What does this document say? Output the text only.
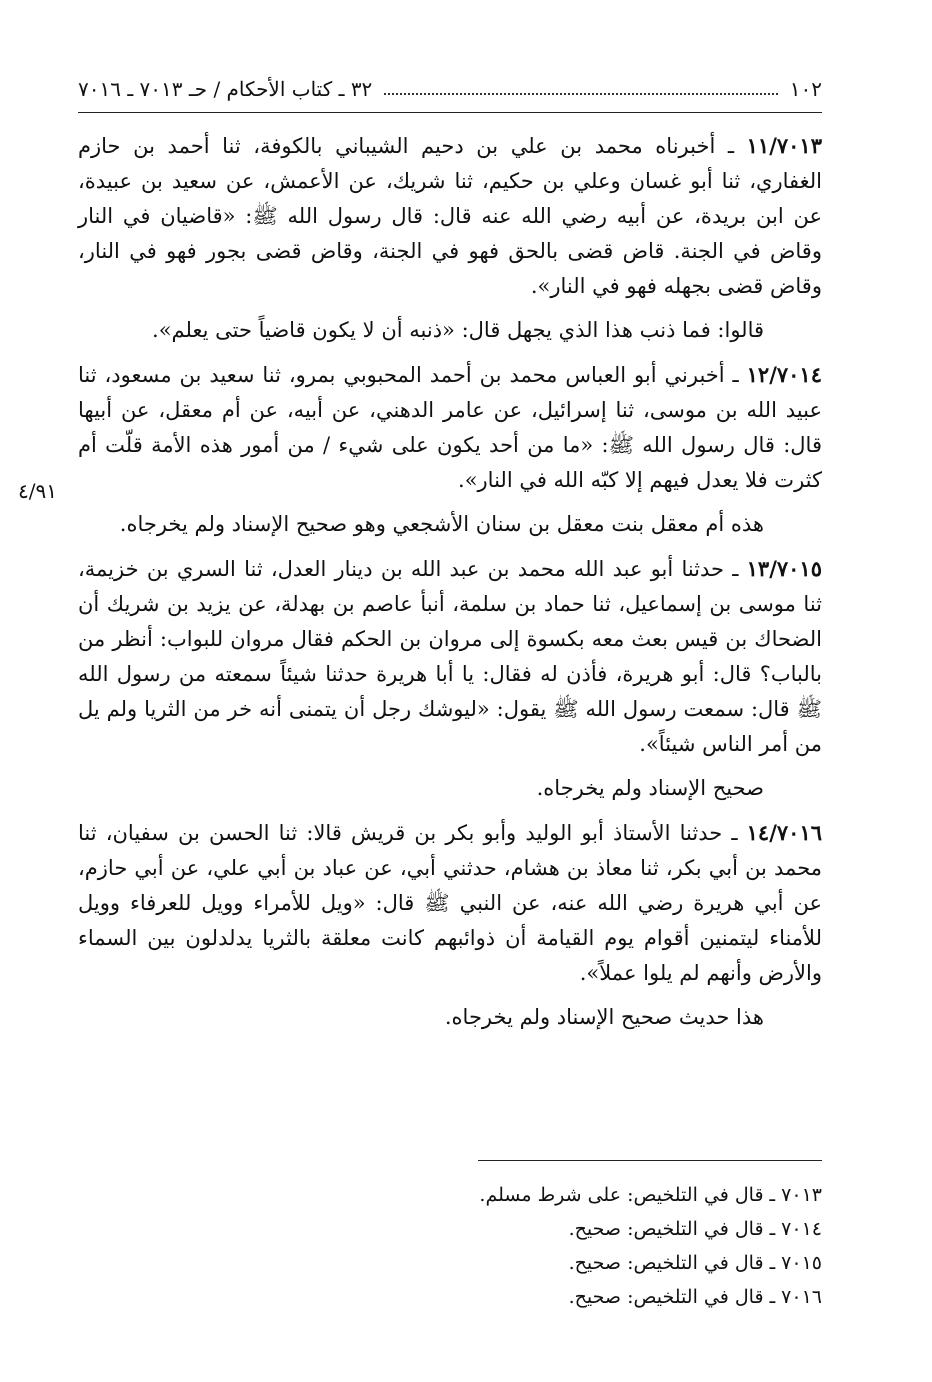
١٠٢
٣٢ ـ كتاب الأحكام / حـ ٧٠١٣ ـ ٧٠١٦
٤/٩١

١١/٧٠١٣ ـ أخبرناه محمد بن علي بن دحيم الشيباني بالكوفة، ثنا أحمد بن حازم الغفاري، ثنا أبو غسان وعلي بن حكيم، ثنا شريك، عن الأعمش، عن سعيد بن عبيدة، عن ابن بريدة، عن أبيه رضي الله عنه قال: قال رسول الله ﷺ: «قاضيان في النار وقاض في الجنة. قاض قضى بالحق فهو في الجنة، وقاض قضى بجور فهو في النار، وقاض قضى بجهله فهو في النار».

قالوا: فما ذنب هذا الذي يجهل قال: «ذنبه أن لا يكون قاضياً حتى يعلم».

١٢/٧٠١٤ ـ أخبرني أبو العباس محمد بن أحمد المحبوبي بمرو، ثنا سعيد بن مسعود، ثنا عبيد الله بن موسى، ثنا إسرائيل، عن عامر الدهني، عن أبيه، عن أم معقل، عن أبيها قال: قال رسول الله ﷺ: «ما من أحد يكون على شيء / من أمور هذه الأمة قلّت أم كثرت فلا يعدل فيهم إلا كبّه الله في النار».

هذه أم معقل بنت معقل بن سنان الأشجعي وهو صحيح الإسناد ولم يخرجاه.

١٣/٧٠١٥ ـ حدثنا أبو عبد الله محمد بن عبد الله بن دينار العدل، ثنا السري بن خزيمة، ثنا موسى بن إسماعيل، ثنا حماد بن سلمة، أنبأ عاصم بن بهدلة، عن يزيد بن شريك أن الضحاك بن قيس بعث معه بكسوة إلى مروان بن الحكم فقال مروان للبواب: أنظر من بالباب؟ قال: أبو هريرة، فأذن له فقال: يا أبا هريرة حدثنا شيئاً سمعته من رسول الله ﷺ قال: سمعت رسول الله ﷺ يقول: «ليوشك رجل أن يتمنى أنه خر من الثريا ولم يل من أمر الناس شيئاً».

صحيح الإسناد ولم يخرجاه.

١٤/٧٠١٦ ـ حدثنا الأستاذ أبو الوليد وأبو بكر بن قريش قالا: ثنا الحسن بن سفيان، ثنا محمد بن أبي بكر، ثنا معاذ بن هشام، حدثني أبي، عن عباد بن أبي علي، عن أبي حازم، عن أبي هريرة رضي الله عنه، عن النبي ﷺ قال: «ويل للأمراء وويل للعرفاء وويل للأمناء ليتمنين أقوام يوم القيامة أن ذوائبهم كانت معلقة بالثريا يدلدلون بين السماء والأرض وأنهم لم يلوا عملاً».

هذا حديث صحيح الإسناد ولم يخرجاه.

٧٠١٣ ـ قال في التلخيص: على شرط مسلم.

٧٠١٤ ـ قال في التلخيص: صحيح.

٧٠١٥ ـ قال في التلخيص: صحيح.

٧٠١٦ ـ قال في التلخيص: صحيح.
